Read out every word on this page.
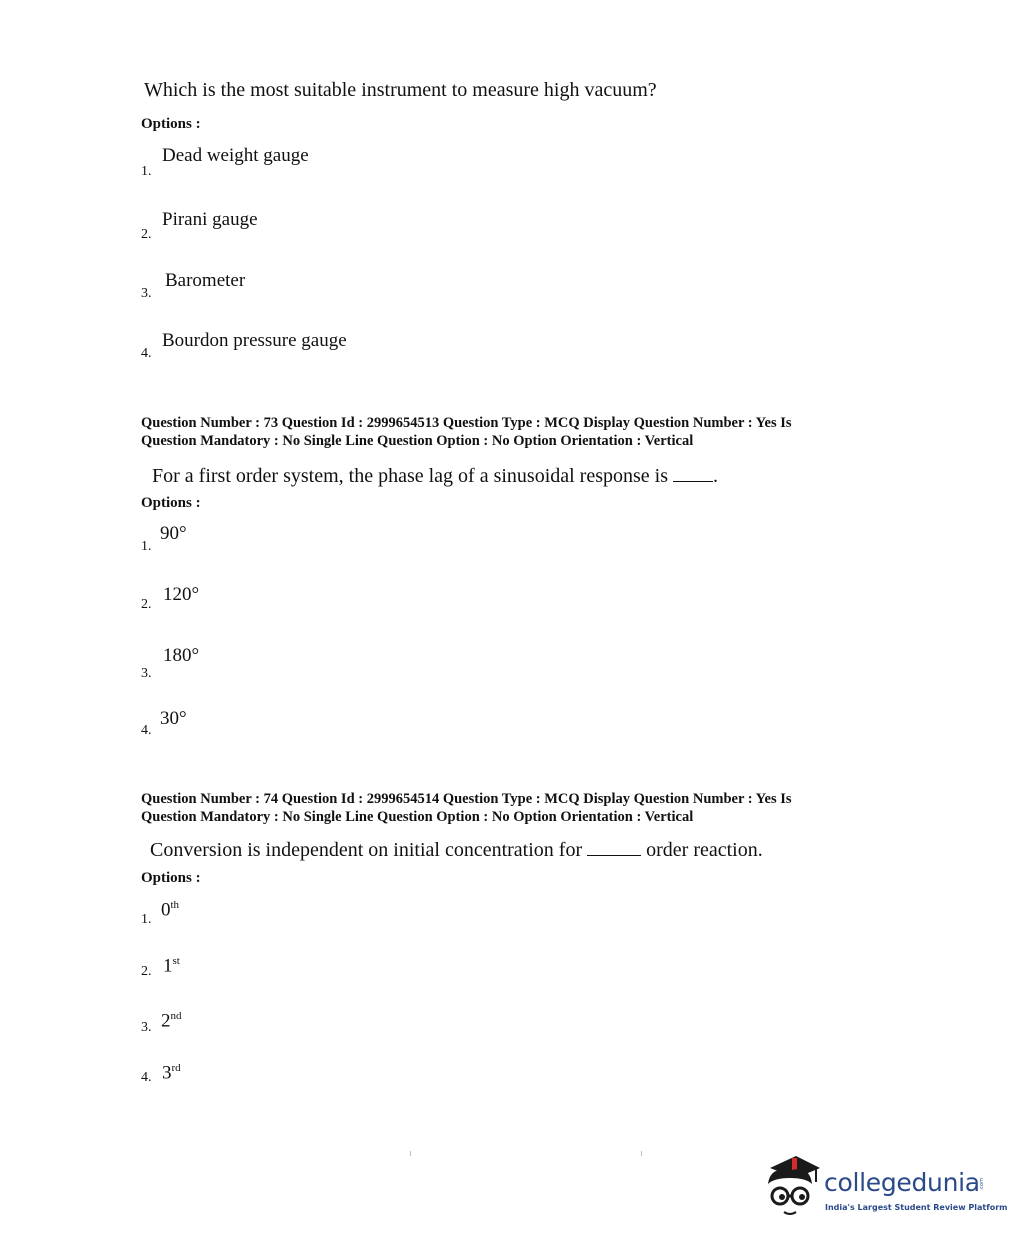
Which is the most suitable instrument to measure high vacuum?
Options :
Dead weight gauge
1.
Pirani gauge
2.
Barometer
3.
Bourdon pressure gauge
4.
Question Number : 73 Question Id : 2999654513 Question Type : MCQ Display Question Number : Yes Is
Question Mandatory : No Single Line Question Option : No Option Orientation : Vertical
For a first order system, the phase lag of a sinusoidal response is .
Options :
90°
1.
120°
2.
180°
3.
30°
4.
Question Number : 74 Question Id : 2999654514 Question Type : MCQ Display Question Number : Yes Is
Question Mandatory : No Single Line Question Option : No Option Orientation : Vertical
Conversion is independent on initial concentration for	order reaction.
Options :
0th
1.
1st
2.
2nd
3.
3rd
4.
collegedunia .com
India's Largest Student Review Platform
